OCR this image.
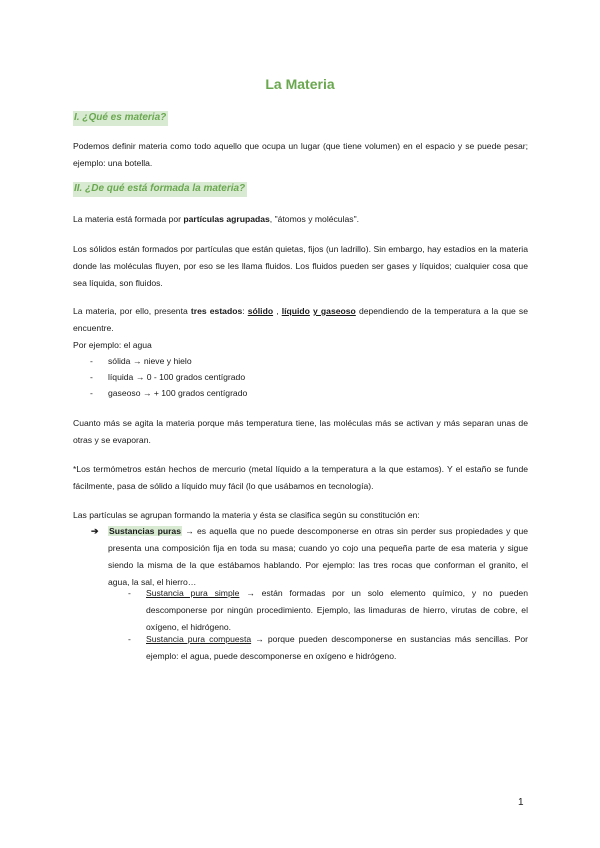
La Materia
I. ¿Qué es materia?

Podemos definir materia como todo aquello que ocupa un lugar (que tiene volumen) en el espacio y se puede pesar; ejemplo: una botella.

II. ¿De qué está formada la materia?

La materia está formada por partículas agrupadas, "átomos y moléculas".

Los sólidos están formados por partículas que están quietas, fijos (un ladrillo). Sin embargo, hay estadios en la materia donde las moléculas fluyen, por eso se les llama fluidos. Los fluidos pueden ser gases y líquidos; cualquier cosa que sea líquida, son fluidos.

La materia, por ello, presenta tres estados: sólido , líquido y gaseoso dependiendo de la temperatura a la que se encuentre.

Por ejemplo: el agua

- sólida → nieve y hielo

- líquida → 0 - 100 grados centígrado

- gaseoso → + 100 grados centígrado

Cuanto más se agita la materia porque más temperatura tiene, las moléculas más se activan y más separan unas de otras y se evaporan.

*Los termómetros están hechos de mercurio (metal líquido a la temperatura a la que estamos). Y el estaño se funde fácilmente, pasa de sólido a líquido muy fácil (lo que usábamos en tecnología).

Las partículas se agrupan formando la materia y ésta se clasifica según su constitución en:

➔ Sustancias puras → es aquella que no puede descomponerse en otras sin perder sus propiedades y que presenta una composición fija en toda su masa; cuando yo cojo una pequeña parte de esa materia y sigue siendo la misma de la que estábamos hablando. Por ejemplo: las tres rocas que conforman el granito, el agua, la sal, el hierro…

- Sustancia pura simple → están formadas por un solo elemento químico, y no pueden descomponerse por ningún procedimiento. Ejemplo, las limaduras de hierro, virutas de cobre, el oxígeno, el hidrógeno.

- Sustancia pura compuesta → porque pueden descomponerse en sustancias más sencillas. Por ejemplo: el agua, puede descomponerse en oxígeno e hidrógeno.

1
